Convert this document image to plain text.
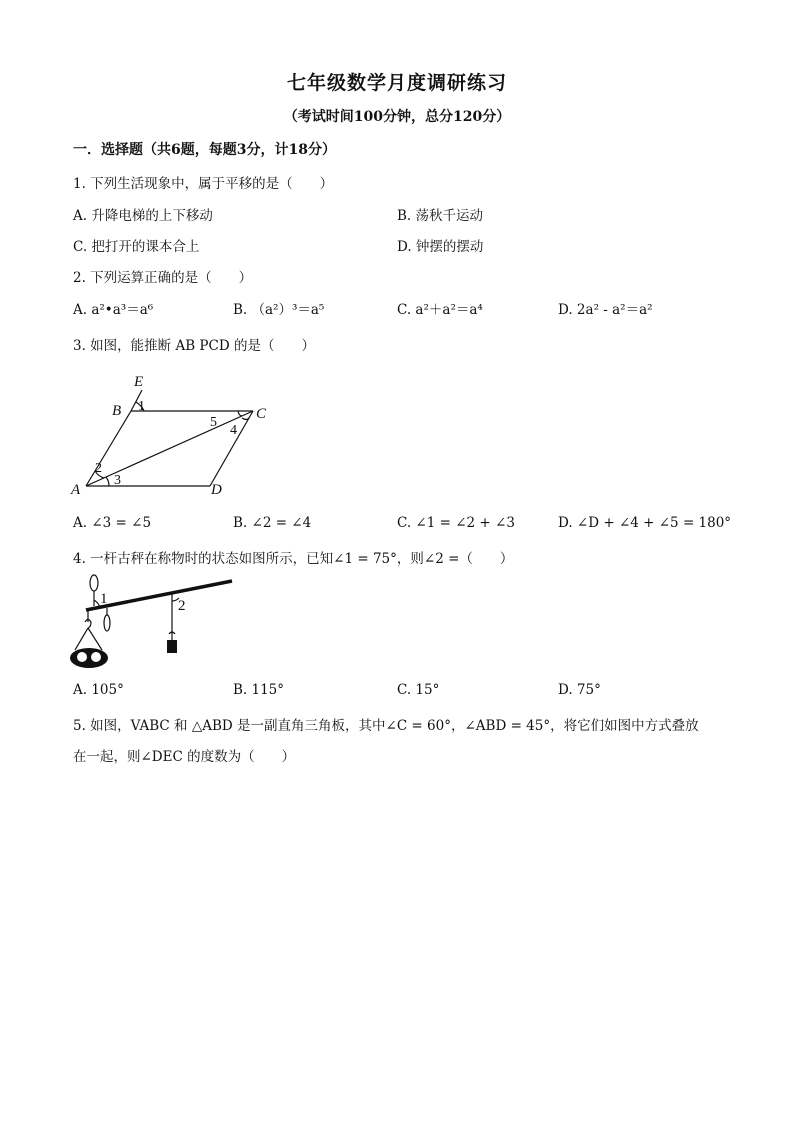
七年级数学月度调研练习
（考试时间100分钟，总分120分）
一．选择题（共6题，每题3分，计18分）
1. 下列生活现象中，属于平移的是（　　）
A. 升降电梯的上下移动	B. 荡秋千运动
C. 把打开的课本合上	D. 钟摆的摆动
2. 下列运算正确的是（　　）
A. a²•a³＝a⁶	B. （a²）³＝a⁵	C. a²＋a²＝a⁴	D. 2a² - a²＝a²
3. 如图，能推断 AB PCD 的是（　　）
E
B	C
A	D
1
5
4
2
3
A. ∠3 = ∠5	B. ∠2 = ∠4	C. ∠1 = ∠2 + ∠3	D. ∠D + ∠4 + ∠5 = 180°
4. 一杆古秤在称物时的状态如图所示，已知∠1 = 75°，则∠2 =（　　）
1	2
A. 105°	B. 115°	C. 15°	D. 75°
5. 如图，VABC 和 △ABD 是一副直角三角板，其中∠C = 60°，∠ABD = 45°，将它们如图中方式叠放
在一起，则∠DEC 的度数为（　　）
